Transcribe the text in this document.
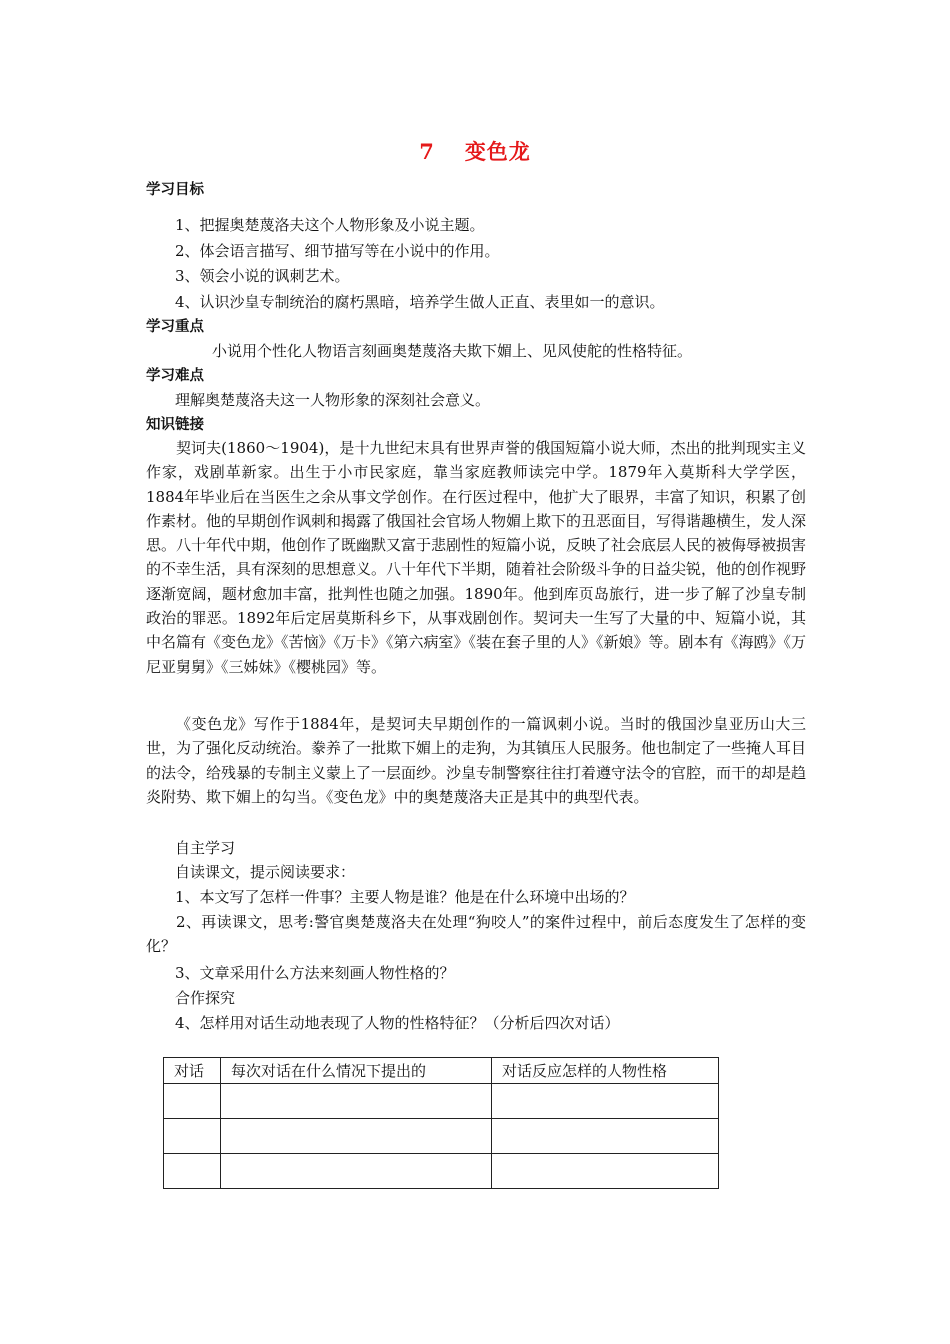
7 变色龙
学习目标
1、把握奥楚蔑洛夫这个人物形象及小说主题。
2、体会语言描写、细节描写等在小说中的作用。
3、领会小说的讽刺艺术。
4、认识沙皇专制统治的腐朽黑暗，培养学生做人正直、表里如一的意识。
学习重点
小说用个性化人物语言刻画奥楚蔑洛夫欺下媚上、见风使舵的性格特征。
学习难点
理解奥楚蔑洛夫这一人物形象的深刻社会意义。
知识链接

契诃夫(1860～1904)，是十九世纪末具有世界声誉的俄国短篇小说大师，杰出的批判现实主义作家，戏剧革新家。出生于小市民家庭，靠当家庭教师读完中学。1879年入莫斯科大学学医，1884年毕业后在当医生之余从事文学创作。在行医过程中，他扩大了眼界，丰富了知识，积累了创作素材。他的早期创作讽刺和揭露了俄国社会官场人物媚上欺下的丑恶面目，写得谐趣横生，发人深思。八十年代中期，他创作了既幽默又富于悲剧性的短篇小说，反映了社会底层人民的被侮辱被损害的不幸生活，具有深刻的思想意义。八十年代下半期，随着社会阶级斗争的日益尖锐，他的创作视野逐渐宽阔，题材愈加丰富，批判性也随之加强。1890年。他到库页岛旅行，进一步了解了沙皇专制政治的罪恶。1892年后定居莫斯科乡下，从事戏剧创作。契诃夫一生写了大量的中、短篇小说，其中名篇有《变色龙》《苦恼》《万卡》《第六病室》《装在套子里的人》《新娘》等。剧本有《海鸥》《万尼亚舅舅》《三姊妹》《樱桃园》等。

《变色龙》写作于1884年，是契诃夫早期创作的一篇讽刺小说。当时的俄国沙皇亚历山大三世，为了强化反动统治。豢养了一批欺下媚上的走狗，为其镇压人民服务。他也制定了一些掩人耳目的法令，给残暴的专制主义蒙上了一层面纱。沙皇专制警察往往打着遵守法令的官腔，而干的却是趋炎附势、欺下媚上的勾当。《变色龙》中的奥楚蔑洛夫正是其中的典型代表。

自主学习
自读课文，提示阅读要求：
1、本文写了怎样一件事？主要人物是谁？他是在什么环境中出场的？

2、再读课文，思考:警官奥楚蔑洛夫在处理“狗咬人”的案件过程中，前后态度发生了怎样的变化？

3、文章采用什么方法来刻画人物性格的？
合作探究
4、怎样用对话生动地表现了人物的性格特征？（分析后四次对话）
对话	每次对话在什么情况下提出的	对话反应怎样的人物性格
